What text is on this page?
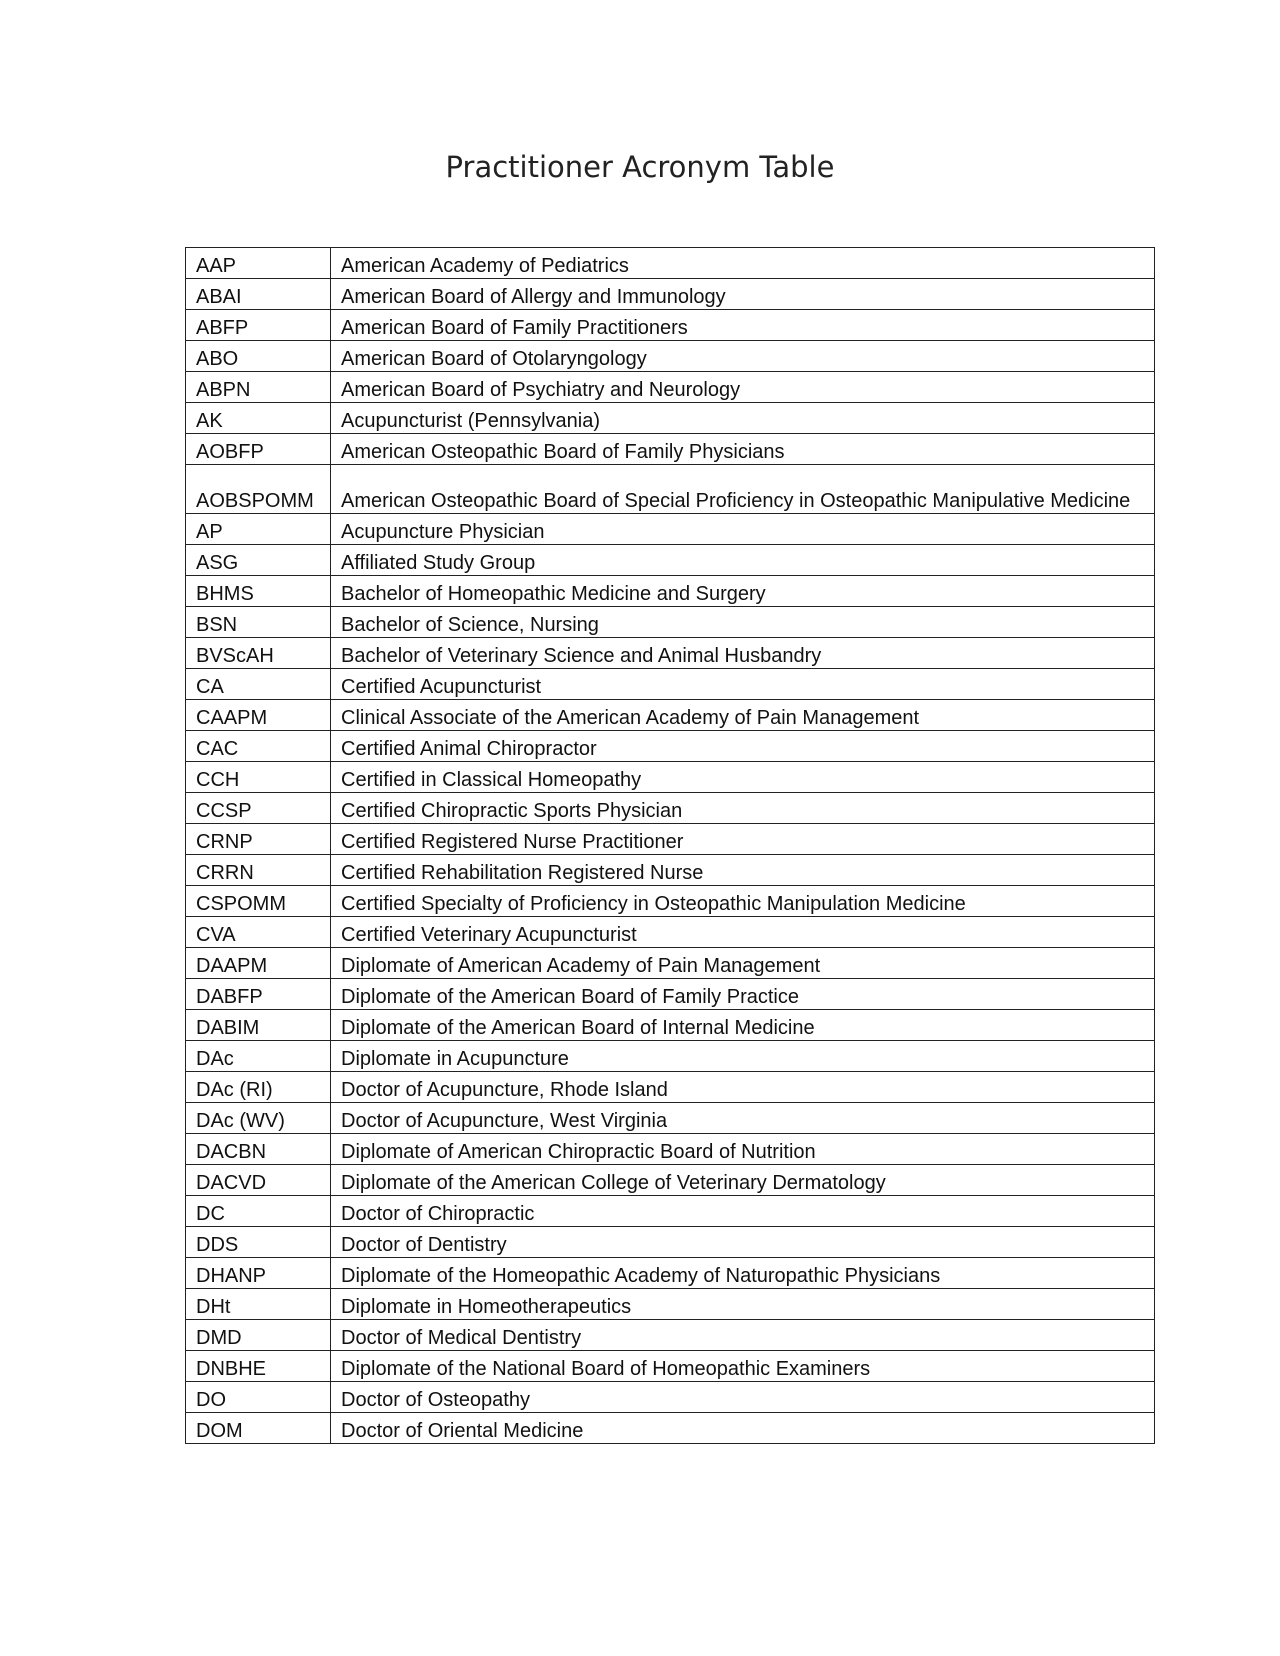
Practitioner Acronym Table
AAP	American Academy of Pediatrics
ABAI	American Board of Allergy and Immunology
ABFP	American Board of Family Practitioners
ABO	American Board of Otolaryngology
ABPN	American Board of Psychiatry and Neurology
AK	Acupuncturist (Pennsylvania)
AOBFP	American Osteopathic Board of Family Physicians
AOBSPOMM	American Osteopathic Board of Special Proficiency in Osteopathic Manipulative Medicine
AP	Acupuncture Physician
ASG	Affiliated Study Group
BHMS	Bachelor of Homeopathic Medicine and Surgery
BSN	Bachelor of Science, Nursing
BVScAH	Bachelor of Veterinary Science and Animal Husbandry
CA	Certified Acupuncturist
CAAPM	Clinical Associate of the American Academy of Pain Management
CAC	Certified Animal Chiropractor
CCH	Certified in Classical Homeopathy
CCSP	Certified Chiropractic Sports Physician
CRNP	Certified Registered Nurse Practitioner
CRRN	Certified Rehabilitation Registered Nurse
CSPOMM	Certified Specialty of Proficiency in Osteopathic Manipulation Medicine
CVA	Certified Veterinary Acupuncturist
DAAPM	Diplomate of American Academy of Pain Management
DABFP	Diplomate of the American Board of Family Practice
DABIM	Diplomate of the American Board of Internal Medicine
DAc	Diplomate in Acupuncture
DAc (RI)	Doctor of Acupuncture, Rhode Island
DAc (WV)	Doctor of Acupuncture, West Virginia
DACBN	Diplomate of American Chiropractic Board of Nutrition
DACVD	Diplomate of the American College of Veterinary Dermatology
DC	Doctor of Chiropractic
DDS	Doctor of Dentistry
DHANP	Diplomate of the Homeopathic Academy of Naturopathic Physicians
DHt	Diplomate in Homeotherapeutics
DMD	Doctor of Medical Dentistry
DNBHE	Diplomate of the National Board of Homeopathic Examiners
DO	Doctor of Osteopathy
DOM	Doctor of Oriental Medicine
